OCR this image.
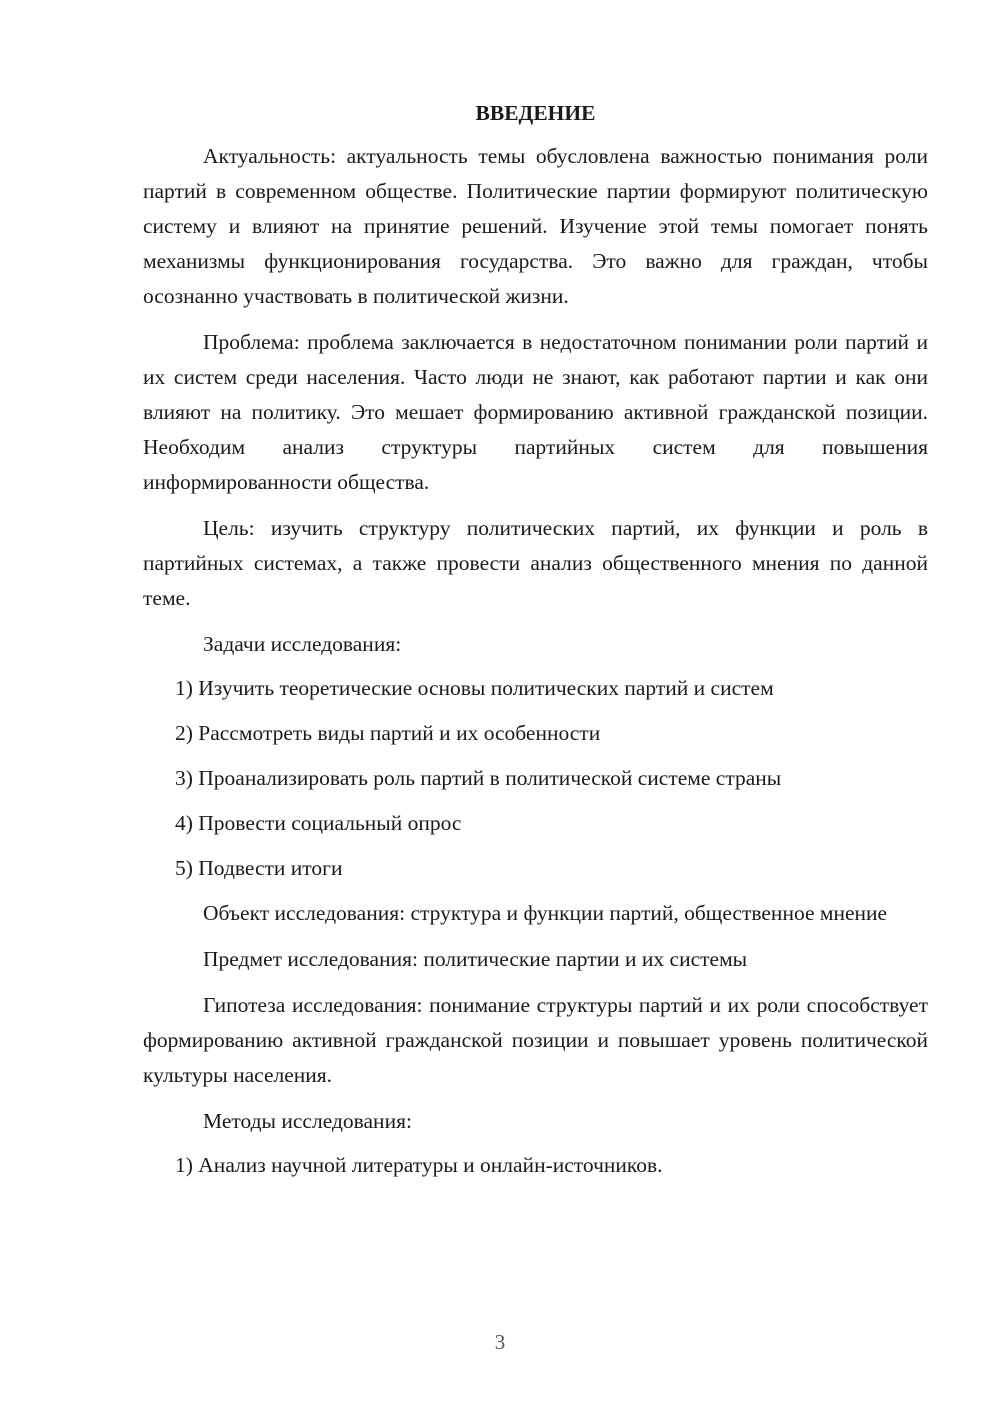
ВВЕДЕНИЕ

Актуальность: актуальность темы обусловлена важностью понимания роли партий в современном обществе. Политические партии формируют политическую систему и влияют на принятие решений. Изучение этой темы помогает понять механизмы функционирования государства. Это важно для граждан, чтобы осознанно участвовать в политической жизни.

Проблема: проблема заключается в недостаточном понимании роли партий и их систем среди населения. Часто люди не знают, как работают партии и как они влияют на политику. Это мешает формированию активной гражданской позиции. Необходим анализ структуры партийных систем для повышения информированности общества.

Цель: изучить структуру политических партий, их функции и роль в партийных системах, а также провести анализ общественного мнения по данной теме.

Задачи исследования:

1) Изучить теоретические основы политических партий и систем
2) Рассмотреть виды партий и их особенности
3) Проанализировать роль партий в политической системе страны
4) Провести социальный опрос
5) Подвести итоги

Объект исследования: структура и функции партий, общественное мнение

Предмет исследования: политические партии и их системы

Гипотеза исследования: понимание структуры партий и их роли способствует формированию активной гражданской позиции и повышает уровень политической культуры населения.

Методы исследования:

1) Анализ научной литературы и онлайн-источников.
3
